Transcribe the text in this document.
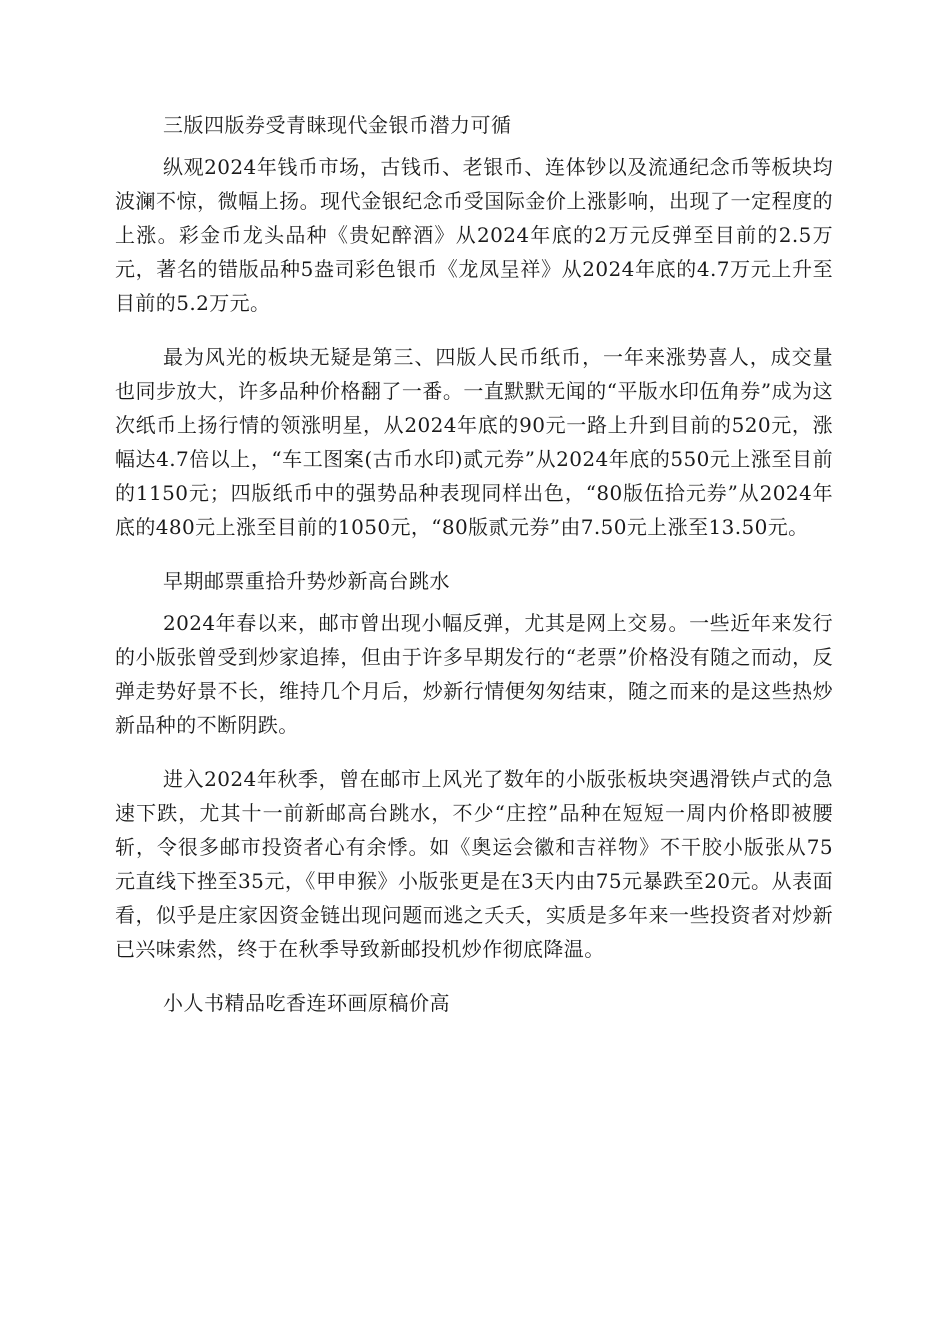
三版四版券受青睐现代金银币潜力可循

纵观2024年钱币市场，古钱币、老银币、连体钞以及流通纪念币等板块均波澜不惊，微幅上扬。现代金银纪念币受国际金价上涨影响，出现了一定程度的上涨。彩金币龙头品种《贵妃醉酒》从2024年底的2万元反弹至目前的2.5万元，著名的错版品种5盎司彩色银币《龙凤呈祥》从2024年底的4.7万元上升至目前的5.2万元。

最为风光的板块无疑是第三、四版人民币纸币，一年来涨势喜人，成交量也同步放大，许多品种价格翻了一番。一直默默无闻的“平版水印伍角券”成为这次纸币上扬行情的领涨明星，从2024年底的90元一路上升到目前的520元，涨幅达4.7倍以上，“车工图案(古币水印)贰元券”从2024年底的550元上涨至目前的1150元；四版纸币中的强势品种表现同样出色，“80版伍拾元券”从2024年底的480元上涨至目前的1050元，“80版贰元券”由7.50元上涨至13.50元。

早期邮票重拾升势炒新高台跳水

2024年春以来，邮市曾出现小幅反弹，尤其是网上交易。一些近年来发行的小版张曾受到炒家追捧，但由于许多早期发行的“老票”价格没有随之而动，反弹走势好景不长，维持几个月后，炒新行情便匆匆结束，随之而来的是这些热炒新品种的不断阴跌。

进入2024年秋季，曾在邮市上风光了数年的小版张板块突遇滑铁卢式的急速下跌，尤其十一前新邮高台跳水，不少“庄控”品种在短短一周内价格即被腰斩，令很多邮市投资者心有余悸。如《奥运会徽和吉祥物》不干胶小版张从75元直线下挫至35元，《甲申猴》小版张更是在3天内由75元暴跌至20元。从表面看，似乎是庄家因资金链出现问题而逃之夭夭，实质是多年来一些投资者对炒新已兴味索然，终于在秋季导致新邮投机炒作彻底降温。

小人书精品吃香连环画原稿价高
